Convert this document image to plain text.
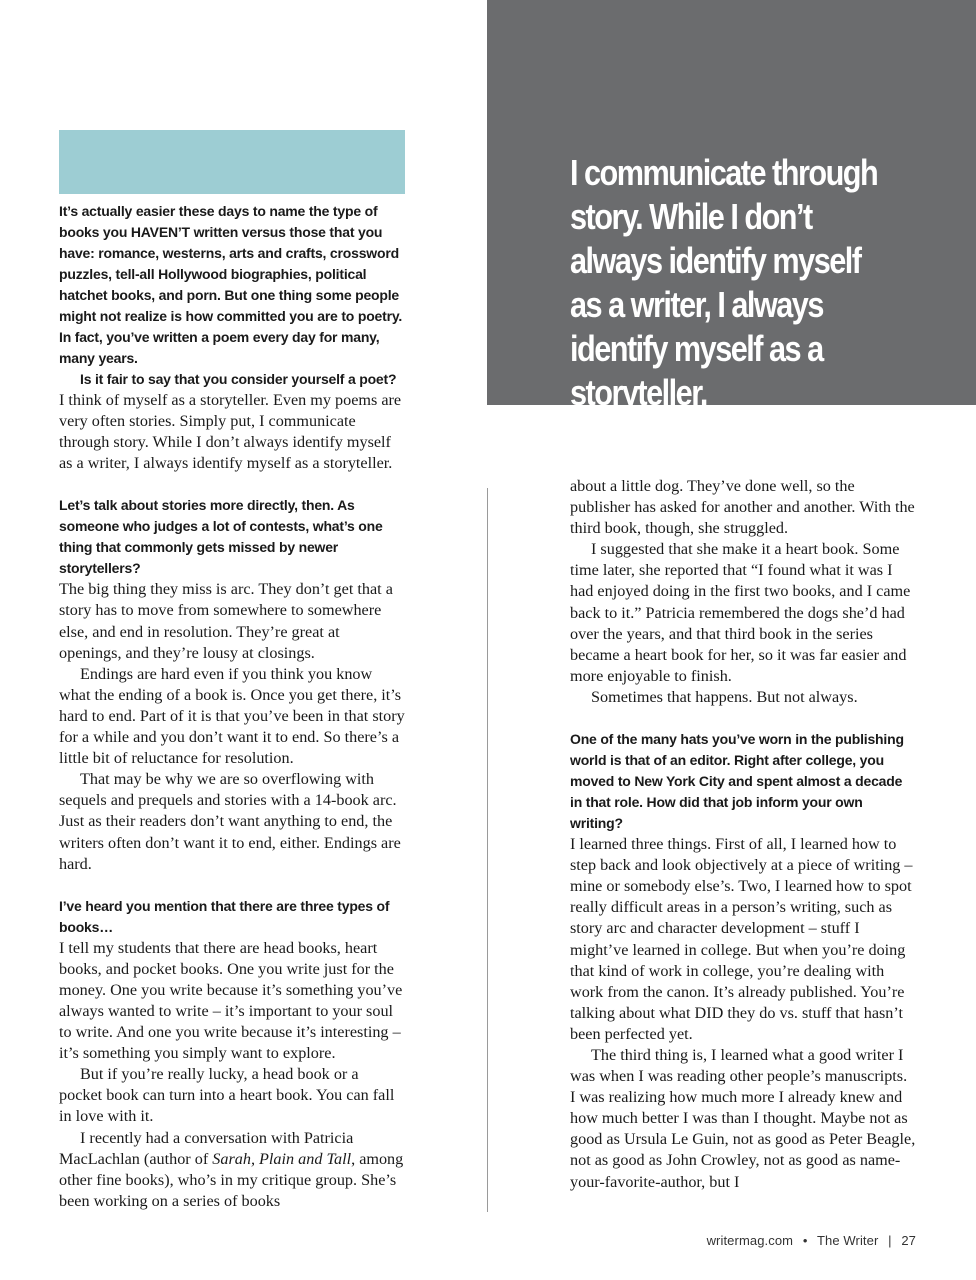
I communicate through story. While I don’t always identify myself as a writer, I always identify myself as a storyteller.

It’s actually easier these days to name the type of books you HAVEN’T written versus those that you have: romance, westerns, arts and crafts, crossword puzzles, tell-all Hollywood biographies, political hatchet books, and porn. But one thing some people might not realize is how committed you are to poetry. In fact, you’ve written a poem every day for many, many years.

Is it fair to say that you consider yourself a poet?

I think of myself as a storyteller. Even my poems are very often stories. Simply put, I communicate through story. While I don’t always identify myself as a writer, I always identify myself as a storyteller.

Let’s talk about stories more directly, then. As someone who judges a lot of contests, what’s one thing that commonly gets missed by newer storytellers?

The big thing they miss is arc. They don’t get that a story has to move from somewhere to somewhere else, and end in resolution. They’re great at openings, and they’re lousy at closings.

Endings are hard even if you think you know what the ending of a book is. Once you get there, it’s hard to end. Part of it is that you’ve been in that story for a while and you don’t want it to end. So there’s a little bit of reluctance for resolution.

That may be why we are so overflowing with sequels and prequels and stories with a 14-book arc. Just as their readers don’t want anything to end, the writers often don’t want it to end, either. Endings are hard.

I’ve heard you mention that there are three types of books…

I tell my students that there are head books, heart books, and pocket books. One you write just for the money. One you write because it’s something you’ve always wanted to write – it’s important to your soul to write. And one you write because it’s interesting – it’s something you simply want to explore.

But if you’re really lucky, a head book or a pocket book can turn into a heart book. You can fall in love with it.

I recently had a conversation with Patricia MacLachlan (author of Sarah, Plain and Tall, among other fine books), who’s in my critique group. She’s been working on a series of books

about a little dog. They’ve done well, so the publisher has asked for another and another. With the third book, though, she struggled.

I suggested that she make it a heart book. Some time later, she reported that “I found what it was I had enjoyed doing in the first two books, and I came back to it.” Patricia remembered the dogs she’d had over the years, and that third book in the series became a heart book for her, so it was far easier and more enjoyable to finish.

Sometimes that happens. But not always.

One of the many hats you’ve worn in the publishing world is that of an editor. Right after college, you moved to New York City and spent almost a decade in that role. How did that job inform your own writing?

I learned three things. First of all, I learned how to step back and look objectively at a piece of writing – mine or somebody else’s. Two, I learned how to spot really difficult areas in a person’s writing, such as story arc and character development – stuff I might’ve learned in college. But when you’re doing that kind of work in college, you’re dealing with work from the canon. It’s already published. You’re talking about what DID they do vs. stuff that hasn’t been perfected yet.

The third thing is, I learned what a good writer I was when I was reading other people’s manuscripts. I was realizing how much more I already knew and how much better I was than I thought. Maybe not as good as Ursula Le Guin, not as good as Peter Beagle, not as good as John Crowley, not as good as name-your-favorite-author, but I

writermag.com • The Writer | 27
